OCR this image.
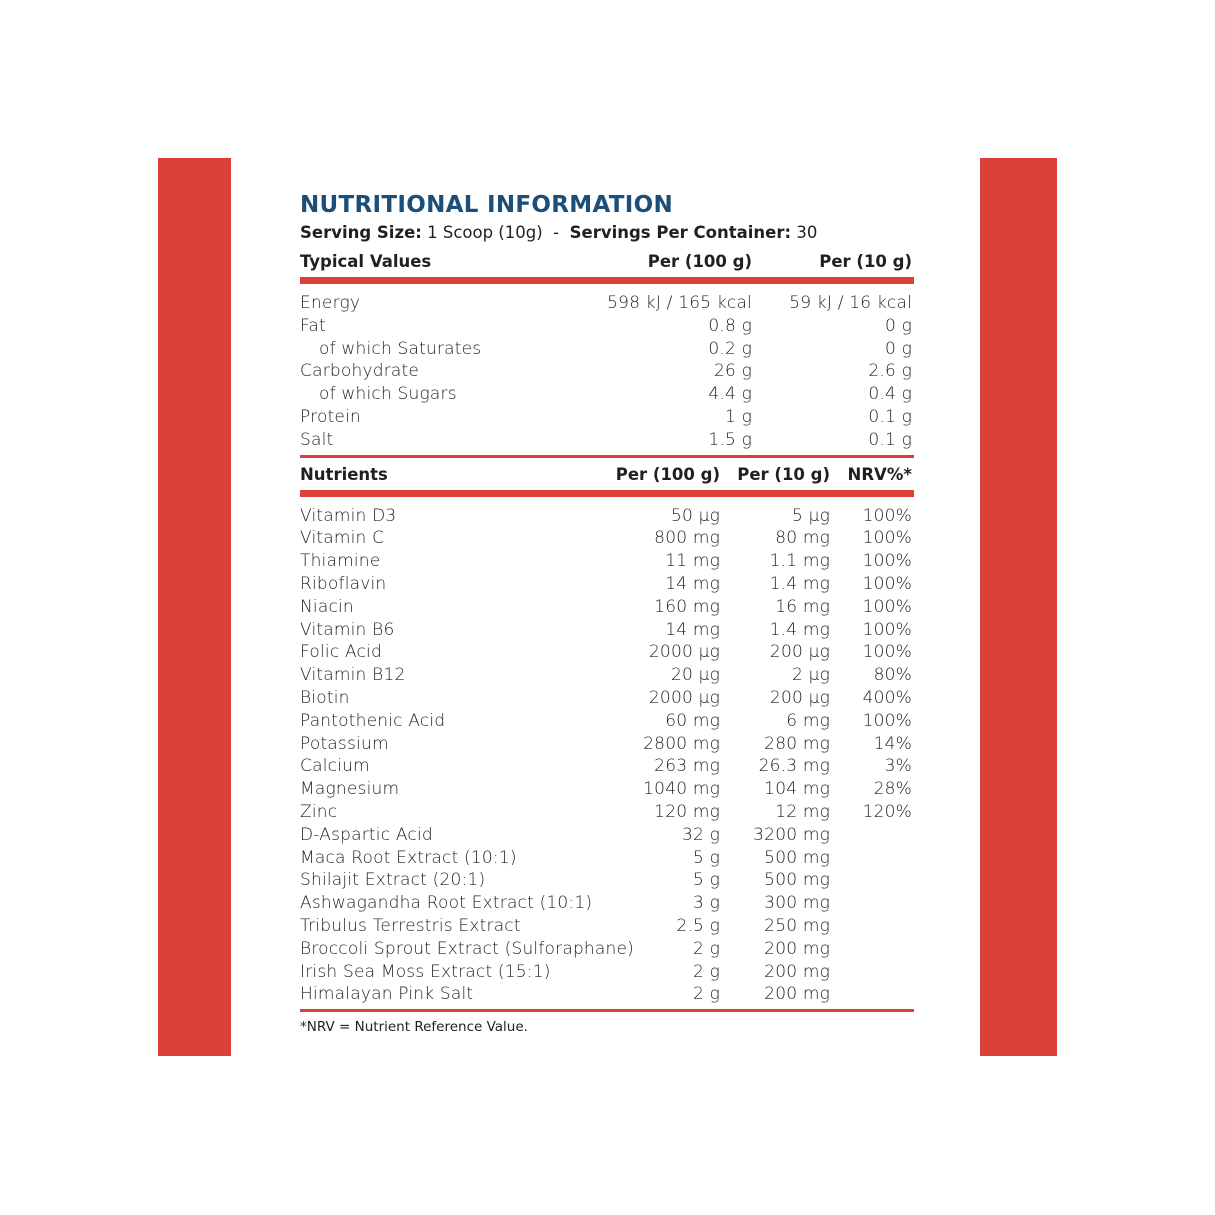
NUTRITIONAL INFORMATION
Serving Size: 1 Scoop (10g) - Servings Per Container: 30
Typical Values	Per (100 g)	Per (10 g)
Energy	598 kJ / 165 kcal 59 kJ / 16 kcal
Fat	0.8 g	0 g
of which Saturates	0.2 g	0 g
Carbohydrate	26 g	2.6 g
of which Sugars	4.4 g	0.4 g
Protein	1 g	0.1 g
Salt	1.5 g	0.1 g
Nutrients	Per (100 g) Per (10 g) NRV%*
Vitamin D3	50 µg	5 µg 100%
Vitamin C	800 mg	80 mg 100%
Thiamine	11 mg	1.1 mg 100%
Riboflavin	14 mg	1.4 mg 100%
Niacin	160 mg	16 mg 100%
Vitamin B6	14 mg	1.4 mg 100%
Folic Acid	2000 µg	200 µg 100%
Vitamin B12	20 µg	2 µg	80%
Biotin	2000 µg	200 µg 400%
Pantothenic Acid	60 mg	6 mg 100%
Potassium	2800 mg	280 mg	14%
Calcium	263 mg 26.3 mg	3%
Magnesium	1040 mg	104 mg	28%
Zinc	120 mg	12 mg 120%
D-Aspartic Acid	32 g 3200 mg
Maca Root Extract (10:1)	5 g	500 mg
Shilajit Extract (20:1)	5 g	500 mg
Ashwagandha Root Extract (10:1)	3 g	300 mg
Tribulus Terrestris Extract	2.5 g	250 mg
Broccoli Sprout Extract (Sulforaphane)	2 g	200 mg
Irish Sea Moss Extract (15:1)	2 g	200 mg
Himalayan Pink Salt	2 g	200 mg
*NRV = Nutrient Reference Value.
